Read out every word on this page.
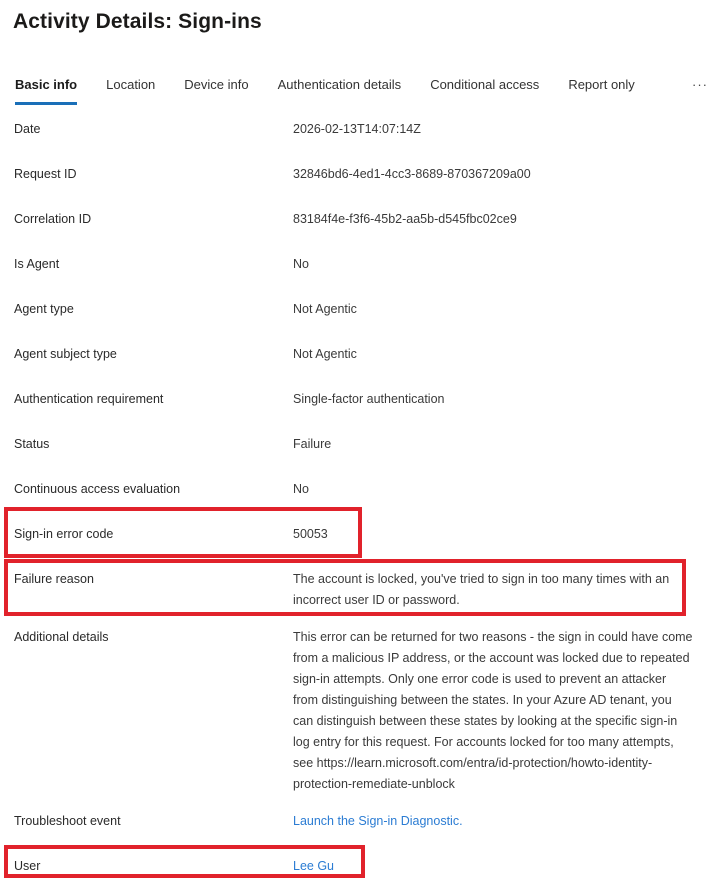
Activity Details: Sign-ins
Basic info Location Device info Authentication details Conditional access Report only	···
Date	2026-02-13T14:07:14Z
Request ID	32846bd6-4ed1-4cc3-8689-870367209a00
Correlation ID	83184f4e-f3f6-45b2-aa5b-d545fbc02ce9
Is Agent	No
Agent type	Not Agentic
Agent subject type	Not Agentic
Authentication requirement	Single-factor authentication
Status	Failure
Continuous access evaluation	No
Sign-in error code	50053
Failure reason	The account is locked, you've tried to sign in too many times with an incorrect user ID or password.
Additional details	This error can be returned for two reasons - the sign in could have come from a malicious IP address, or the account was locked due to repeated sign-in attempts. Only one error code is used to prevent an attacker from distinguishing between the states. In your Azure AD tenant, you can distinguish between these states by looking at the specific sign-in log entry for this request. For accounts locked for too many attempts, see https://learn.microsoft.com/entra/id-protection/howto-identity-protection-remediate-unblock
Troubleshoot event	Launch the Sign-in Diagnostic.
User	Lee Gu
